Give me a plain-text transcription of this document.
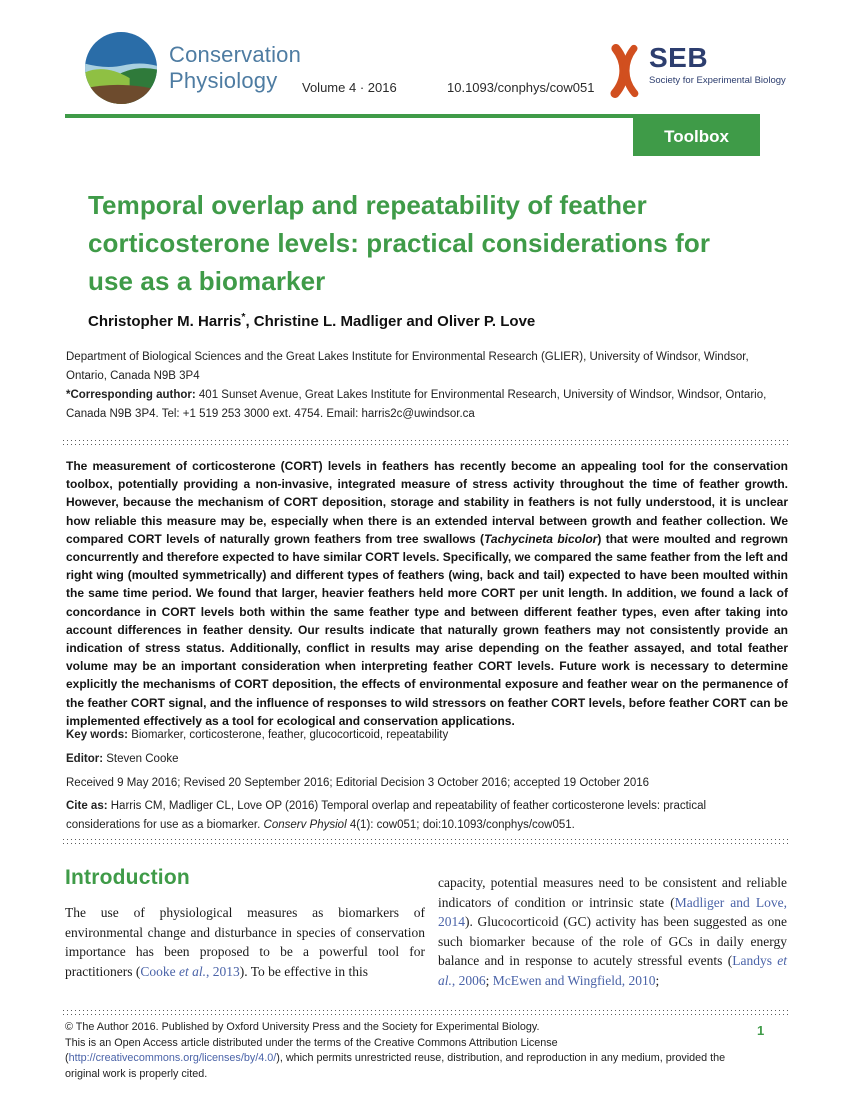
Conservation
Physiology	Volume 4 · 2016	10.1093/conphys/cow051
SEB
Society for Experimental Biology
Toolbox
Temporal overlap and repeatability of feather corticosterone levels: practical considerations for use as a biomarker
Christopher M. Harris*, Christine L. Madliger and Oliver P. Love
Department of Biological Sciences and the Great Lakes Institute for Environmental Research (GLIER), University of Windsor, Windsor, Ontario, Canada N9B 3P4
*Corresponding author: 401 Sunset Avenue, Great Lakes Institute for Environmental Research, University of Windsor, Windsor, Ontario, Canada N9B 3P4. Tel: +1 519 253 3000 ext. 4754. Email: harris2c@uwindsor.ca
The measurement of corticosterone (CORT) levels in feathers has recently become an appealing tool for the conservation toolbox, potentially providing a non-invasive, integrated measure of stress activity throughout the time of feather growth. However, because the mechanism of CORT deposition, storage and stability in feathers is not fully understood, it is unclear how reliable this measure may be, especially when there is an extended interval between growth and feather collection. We compared CORT levels of naturally grown feathers from tree swallows (Tachycineta bicolor) that were moulted and regrown concurrently and therefore expected to have similar CORT levels. Specifically, we compared the same feather from the left and right wing (moulted symmetrically) and different types of feathers (wing, back and tail) expected to have been moulted within the same time period. We found that larger, heavier feathers held more CORT per unit length. In addition, we found a lack of concordance in CORT levels both within the same feather type and between different feather types, even after taking into account differences in feather density. Our results indicate that naturally grown feathers may not consistently provide an indication of stress status. Additionally, conflict in results may arise depending on the feather assayed, and total feather volume may be an important consideration when interpreting feather CORT levels. Future work is necessary to determine explicitly the mechanisms of CORT deposition, the effects of environmental exposure and feather wear on the permanence of the feather CORT signal, and the influence of responses to wild stressors on feather CORT levels, before feather CORT can be implemented effectively as a tool for ecological and conservation applications.
Key words: Biomarker, corticosterone, feather, glucocorticoid, repeatability
Editor: Steven Cooke
Received 9 May 2016; Revised 20 September 2016; Editorial Decision 3 October 2016; accepted 19 October 2016
Cite as: Harris CM, Madliger CL, Love OP (2016) Temporal overlap and repeatability of feather corticosterone levels: practical considerations for use as a biomarker. Conserv Physiol 4(1): cow051; doi:10.1093/conphys/cow051.
Introduction

The use of physiological measures as biomarkers of environmental change and disturbance in species of conservation importance has been proposed to be a powerful tool for practitioners (Cooke et al., 2013). To be effective in this

capacity, potential measures need to be consistent and reliable indicators of condition or intrinsic state (Madliger and Love, 2014). Glucocorticoid (GC) activity has been suggested as one such biomarker because of the role of GCs in daily energy balance and in response to acutely stressful events (Landys et al., 2006; McEwen and Wingfield, 2010;

© The Author 2016. Published by Oxford University Press and the Society for Experimental Biology.
This is an Open Access article distributed under the terms of the Creative Commons Attribution License (http://creativecommons.org/licenses/by/4.0/), which permits unrestricted reuse, distribution, and reproduction in any medium, provided the original work is properly cited.
1
